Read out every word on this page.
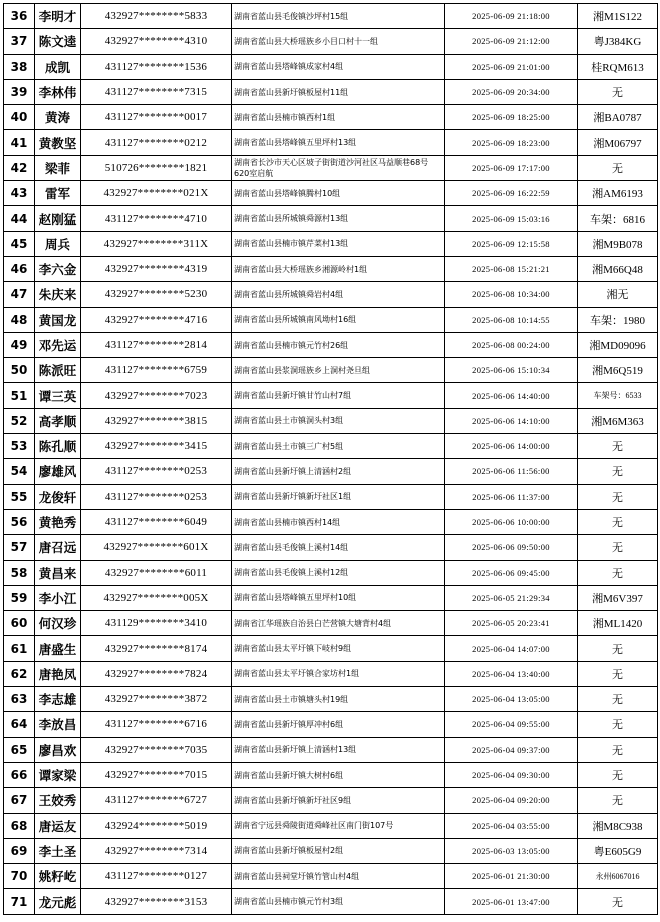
36	李明才	432927********5833	湖南省蓝山县毛俊镇沙坪村15组	2025-06-09 21:18:00	湘M1S122
37	陈文逵	432927********4310	湖南省蓝山县大桥瑶族乡小目口村十一组	2025-06-09 21:12:00	粤J384KG
38	成凯	431127********1536	湖南省蓝山县塔峰镇成家村4组	2025-06-09 21:01:00	桂RQM613
39	李林伟	431127********7315	湖南省蓝山县新圩镇板屋村11组	2025-06-09 20:34:00	无
40	黄涛	431127********0017	湖南省蓝山县楠市镇西村1组	2025-06-09 18:25:00	湘BA0787
41	黄教坚	431127********0212	湖南省蓝山县塔峰镇五里坪村13组	2025-06-09 18:23:00	湘M06797
42	梁菲	510726********1821	湖南省长沙市天心区坡子街街道沙河社区马益顺巷68号620室启航	2025-06-09 17:17:00	无
43	雷军	432927********021X	湖南省蓝山县塔峰镇腾村10组	2025-06-09 16:22:59	湘AM6193
44	赵刚猛	431127********4710	湖南省蓝山县所城镇舜源村13组	2025-06-09 15:03:16	车架：6816
45	周兵	432927********311X	湖南省蓝山县楠市镇芹菜村13组	2025-06-09 12:15:58	湘M9B078
46	李六金	432927********4319	湖南省蓝山县大桥瑶族乡湘源岭村1组	2025-06-08 15:21:21	湘M66Q48
47	朱庆来	432927********5230	湖南省蓝山县所城镇舜岩村4组	2025-06-08 10:34:00	湘无
48	黄国龙	432927********4716	湖南省蓝山县所城镇南风坳村16组	2025-06-08 10:14:55	车架：1980
49	邓先运	431127********2814	湖南省蓝山县楠市镇元竹村26组	2025-06-08 00:24:00	湘MD09096
50	陈派旺	431127********6759	湖南省蓝山县浆洞瑶族乡上洞村尧旦组	2025-06-06 15:10:34	湘M6Q519
51	谭三英	432927********7023	湖南省蓝山县新圩镇甘竹山村7组	2025-06-06 14:40:00	车架号：6533
52	高孝顺	432927********3815	湖南省蓝山县土市镇洞头村3组	2025-06-06 14:10:00	湘M6M363
53	陈孔顺	432927********3415	湖南省蓝山县土市镇三广村5组	2025-06-06 14:00:00	无
54	廖雄风	431127********0253	湖南省蓝山县新圩镇上清涵村2组	2025-06-06 11:56:00	无
55	龙俊轩	431127********0253	湖南省蓝山县新圩镇新圩社区1组	2025-06-06 11:37:00	无
56	黄艳秀	431127********6049	湖南省蓝山县楠市镇西村14组	2025-06-06 10:00:00	无
57	唐召远	432927********601X	湖南省蓝山县毛俊镇上溪村14组	2025-06-06 09:50:00	无
58	黄昌来	432927********6011	湖南省蓝山县毛俊镇上溪村12组	2025-06-06 09:45:00	无
59	李小江	432927********005X	湖南省蓝山县塔峰镇五里坪村10组	2025-06-05 21:29:34	湘M6V397
60	何汉珍	431129********3410	湖南省江华瑶族自治县白芒营镇大塘背村4组	2025-06-05 20:23:41	湘ML1420
61	唐盛生	432927********8174	湖南省蓝山县太平圩镇下岐村9组	2025-06-04 14:07:00	无
62	唐艳凤	432927********7824	湖南省蓝山县太平圩镇合家坊村1组	2025-06-04 13:40:00	无
63	李志雄	432927********3872	湖南省蓝山县土市镇塘头村19组	2025-06-04 13:05:00	无
64	李放昌	431127********6716	湖南省蓝山县新圩镇厚冲村6组	2025-06-04 09:55:00	无
65	廖昌欢	432927********7035	湖南省蓝山县新圩镇上清涵村13组	2025-06-04 09:37:00	无
66	谭家梁	432927********7015	湖南省蓝山县新圩镇大树村6组	2025-06-04 09:30:00	无
67	王姣秀	431127********6727	湖南省蓝山县新圩镇新圩社区9组	2025-06-04 09:20:00	无
68	唐运友	432924********5019	湖南省宁远县舜陵街道舜峰社区南门街107号	2025-06-04 03:55:00	湘M8C938
69	李土圣	432927********7314	湖南省蓝山县新圩镇板屋村2组	2025-06-03 13:05:00	粤E605G9
70	姚籽屹	431127********0127	湖南省蓝山县祠堂圩镇竹管山村4组	2025-06-01 21:30:00	永州6067016
71	龙元彪	432927********3153	湖南省蓝山县楠市镇元竹村3组	2025-06-01 13:47:00	无
